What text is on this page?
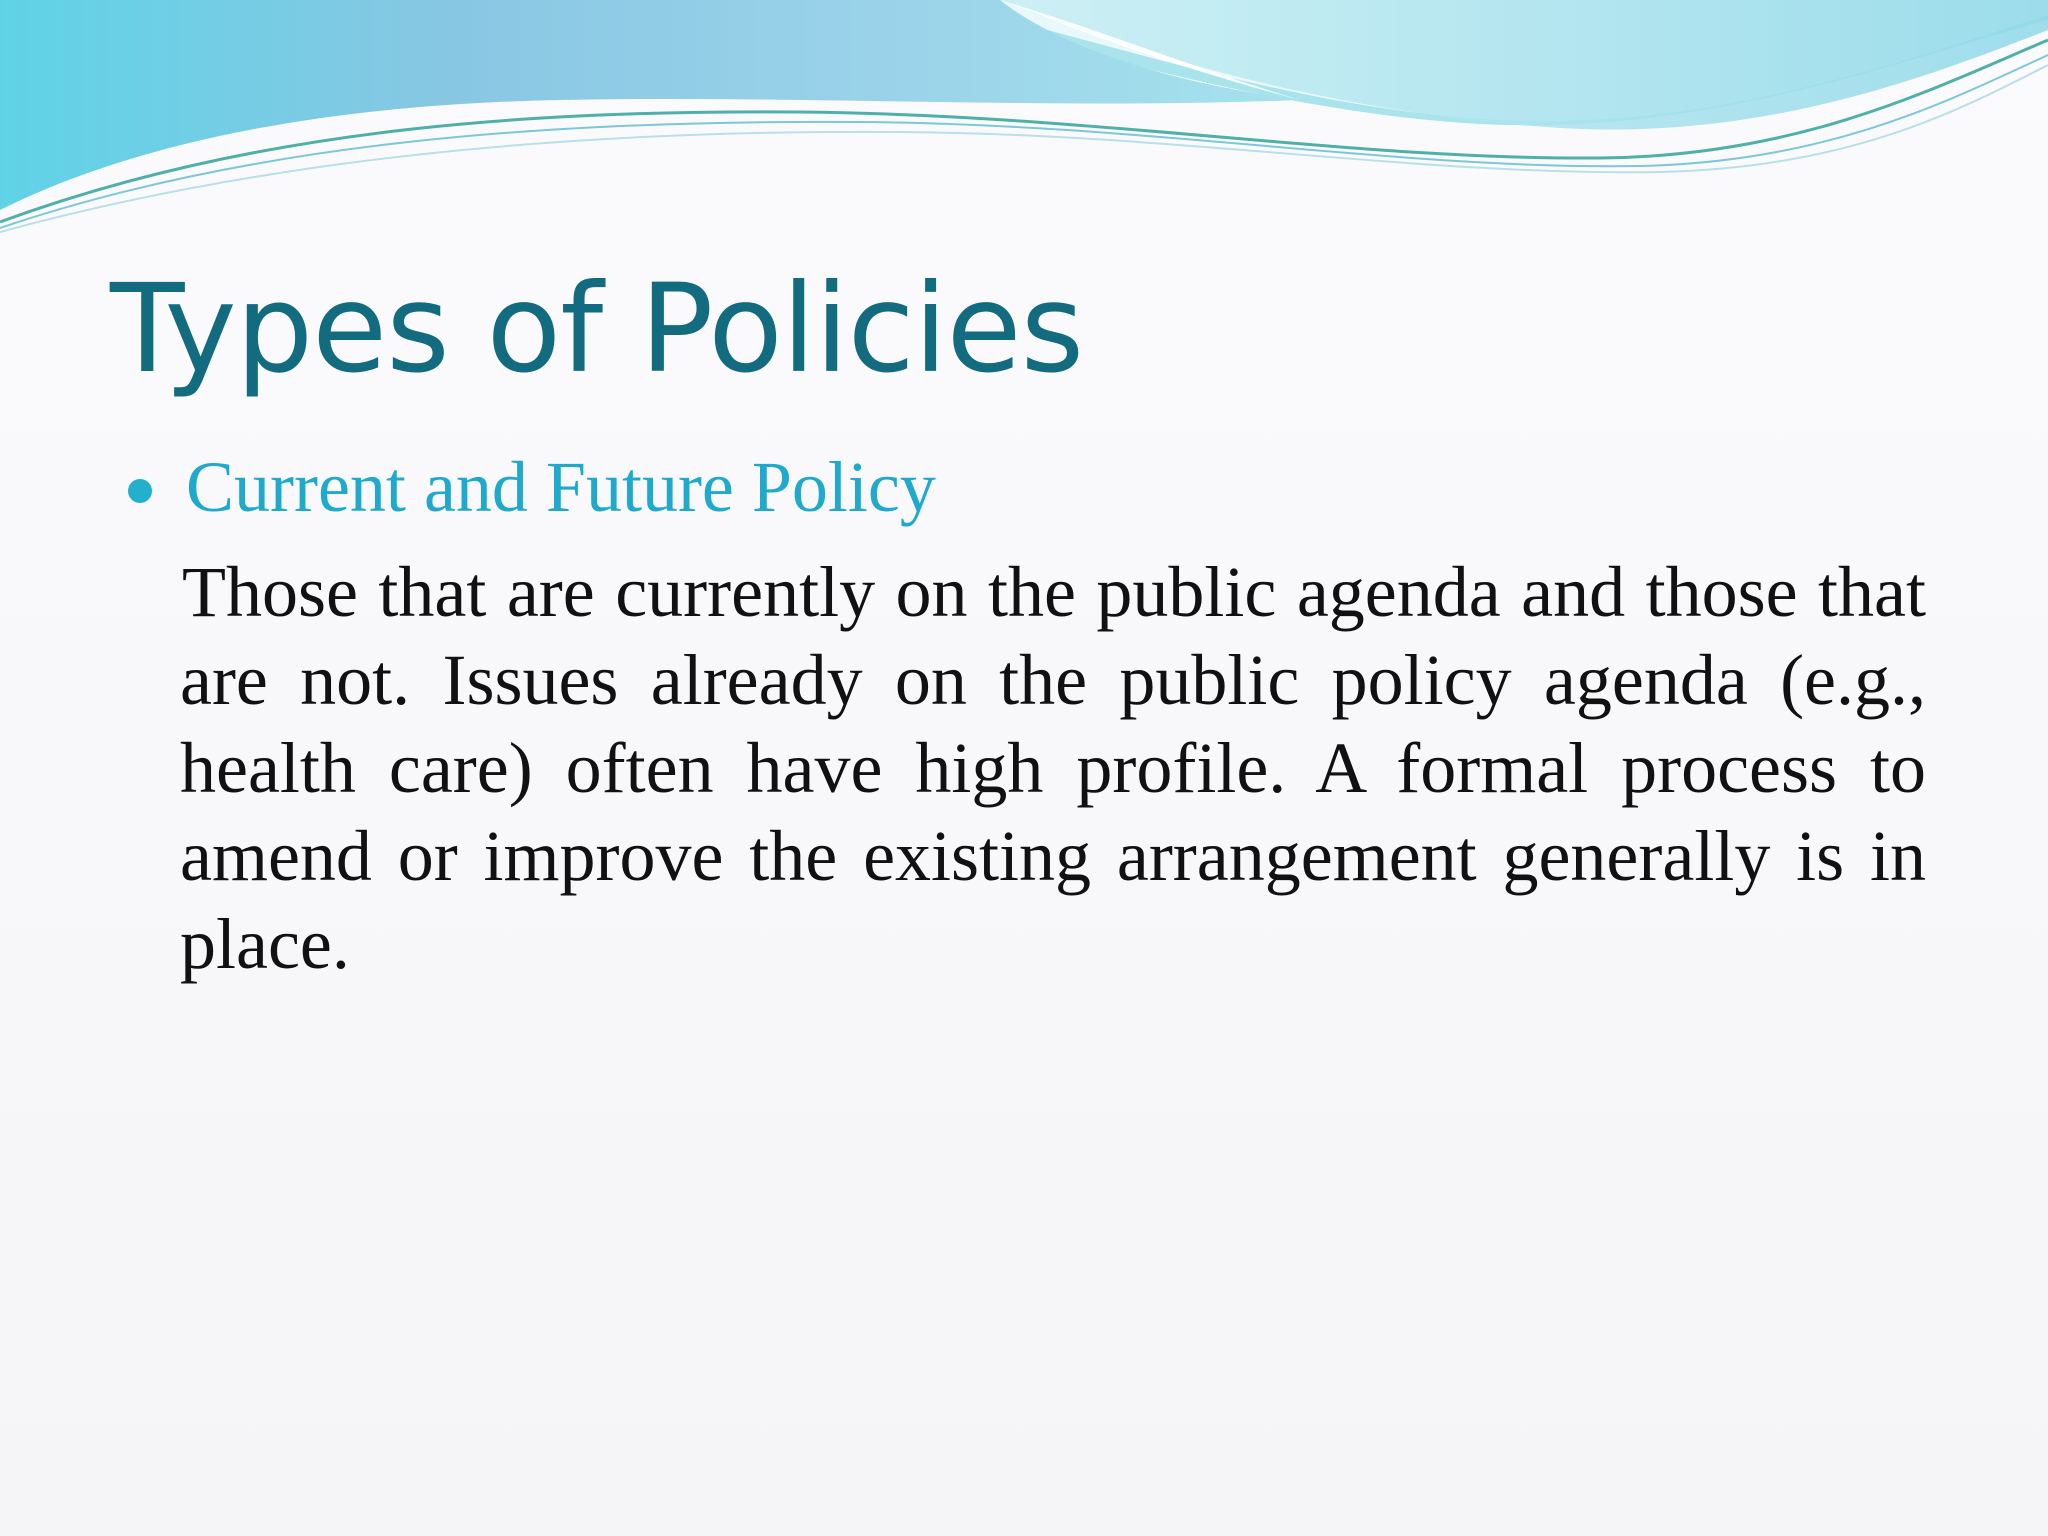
Types of Policies
Current and Future Policy

Those that are currently on the public agenda and those that are not. Issues already on the public policy agenda (e.g., health care) often have high profile. A formal process to amend or improve the existing arrangement generally is in place.
